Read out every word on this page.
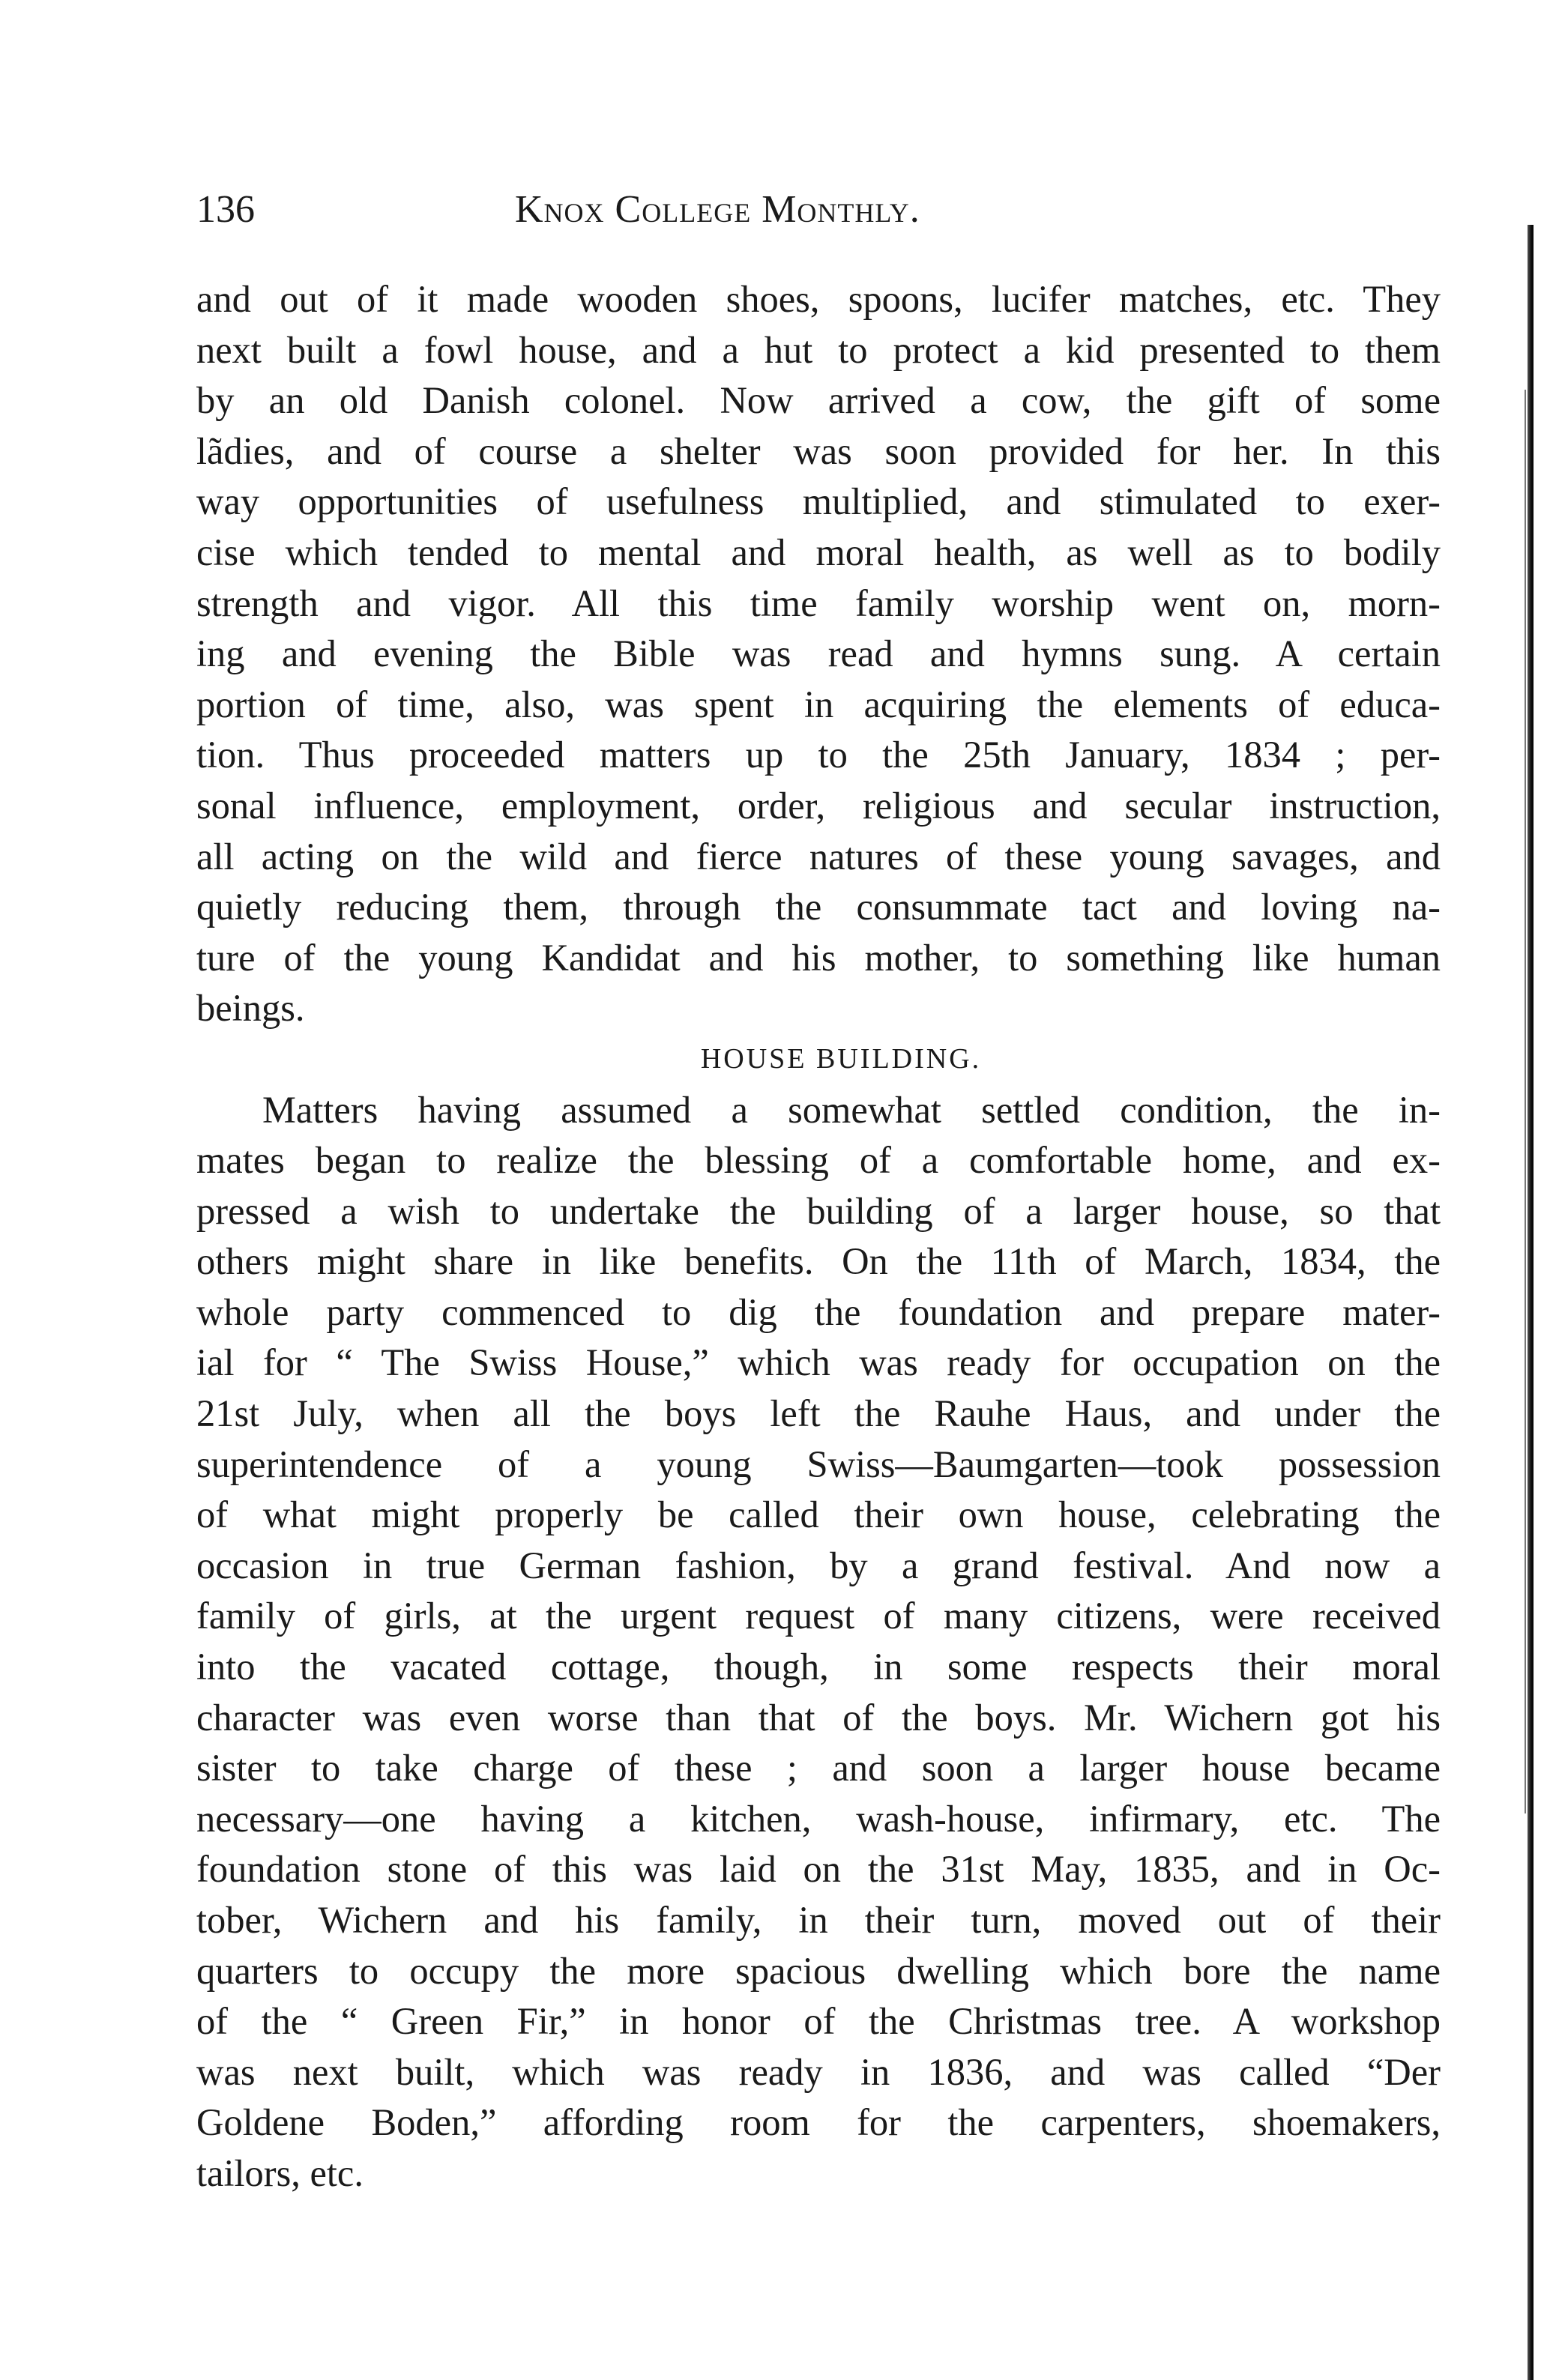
136	Knox College Monthly.
and out of it made wooden shoes, spoons, lucifer matches, etc. They
next built a fowl house, and a hut to protect a kid presented to them
by an old Danish colonel. Now arrived a cow, the gift of some
lãdies, and of course a shelter was soon provided for her. In this
way opportunities of usefulness multiplied, and stimulated to exer-
cise which tended to mental and moral health, as well as to bodily
strength and vigor. All this time family worship went on, morn-
ing and evening the Bible was read and hymns sung. A certain
portion of time, also, was spent in acquiring the elements of educa-
tion. Thus proceeded matters up to the 25th January, 1834 ; per-
sonal influence, employment, order, religious and secular instruction,
all acting on the wild and fierce natures of these young savages, and
quietly reducing them, through the consummate tact and loving na-
ture of the young Kandidat and his mother, to something like human
beings.
HOUSE BUILDING.
Matters having assumed a somewhat settled condition, the in-
mates began to realize the blessing of a comfortable home, and ex-
pressed a wish to undertake the building of a larger house, so that
others might share in like benefits. On the 11th of March, 1834, the
whole party commenced to dig the foundation and prepare mater-
ial for “ The Swiss House,” which was ready for occupation on the
21st July, when all the boys left the Rauhe Haus, and under the
superintendence of a young Swiss—Baumgarten—took possession
of what might properly be called their own house, celebrating the
occasion in true German fashion, by a grand festival. And now a
family of girls, at the urgent request of many citizens, were received
into the vacated cottage, though, in some respects their moral
character was even worse than that of the boys. Mr. Wichern got his
sister to take charge of these ; and soon a larger house became
necessary—one having a kitchen, wash-house, infirmary, etc. The
foundation stone of this was laid on the 31st May, 1835, and in Oc-
tober, Wichern and his family, in their turn, moved out of their
quarters to occupy the more spacious dwelling which bore the name
of the “ Green Fir,” in honor of the Christmas tree. A workshop
was next built, which was ready in 1836, and was called “Der
Goldene Boden,” affording room for the carpenters, shoemakers,
tailors, etc.
